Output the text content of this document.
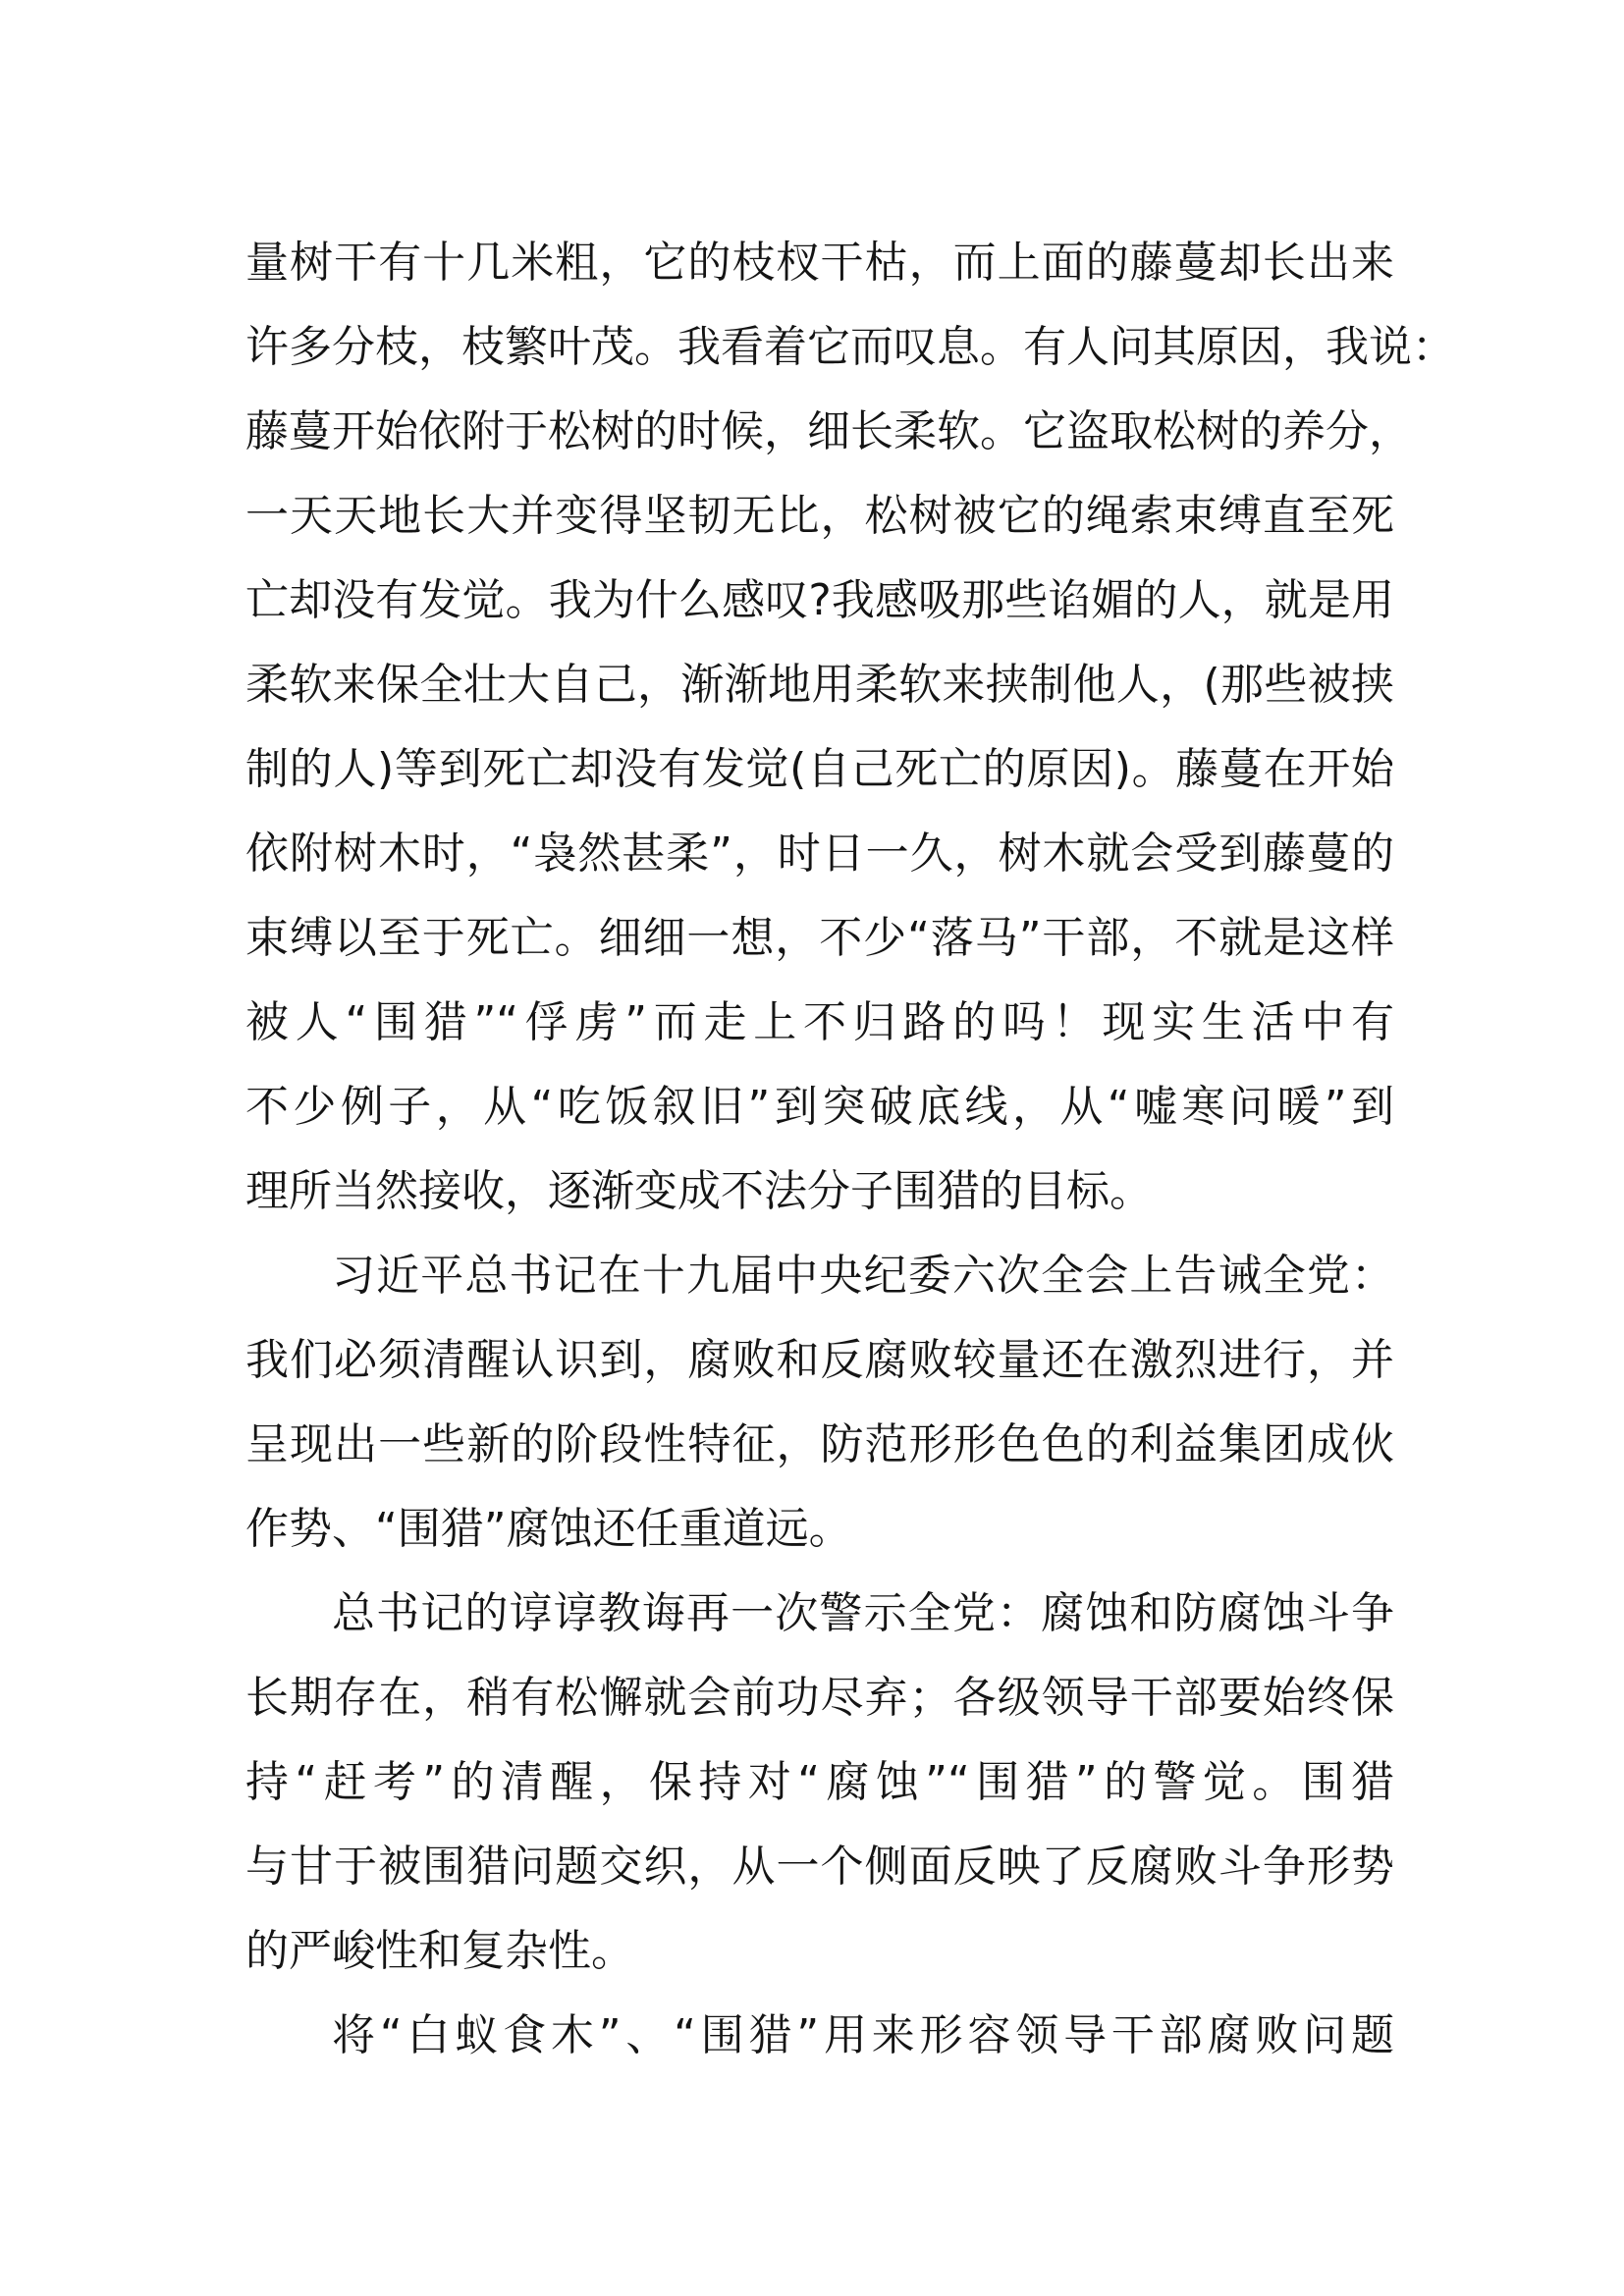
量树干有十几米粗，它的枝杈干枯，而上面的藤蔓却长出来
许多分枝，枝繁叶茂。我看着它而叹息。有人问其原因，我说：
藤蔓开始依附于松树的时候，细长柔软。它盗取松树的养分，
一天天地长大并变得坚韧无比，松树被它的绳索束缚直至死
亡却没有发觉。我为什么感叹?我感吸那些谄媚的人，就是用
柔软来保全壮大自己，渐渐地用柔软来挟制他人，(那些被挟
制的人)等到死亡却没有发觉(自己死亡的原因)。藤蔓在开始
依附树木时，“袅然甚柔”，时日一久，树木就会受到藤蔓的
束缚以至于死亡。细细一想，不少“落马”干部，不就是这样
被人“围猎”“俘虏”而走上不归路的吗！现实生活中有
不少例子，从“吃饭叙旧”到突破底线，从“嘘寒问暖”到
理所当然接收，逐渐变成不法分子围猎的目标。
习近平总书记在十九届中央纪委六次全会上告诫全党：
我们必须清醒认识到，腐败和反腐败较量还在激烈进行，并
呈现出一些新的阶段性特征，防范形形色色的利益集团成伙
作势、“围猎”腐蚀还任重道远。
总书记的谆谆教诲再一次警示全党：腐蚀和防腐蚀斗争
长期存在，稍有松懈就会前功尽弃；各级领导干部要始终保
持“赶考”的清醒，保持对“腐蚀”“围猎”的警觉。围猎
与甘于被围猎问题交织，从一个侧面反映了反腐败斗争形势
的严峻性和复杂性。
将“白蚁食木”、“围猎”用来形容领导干部腐败问题
